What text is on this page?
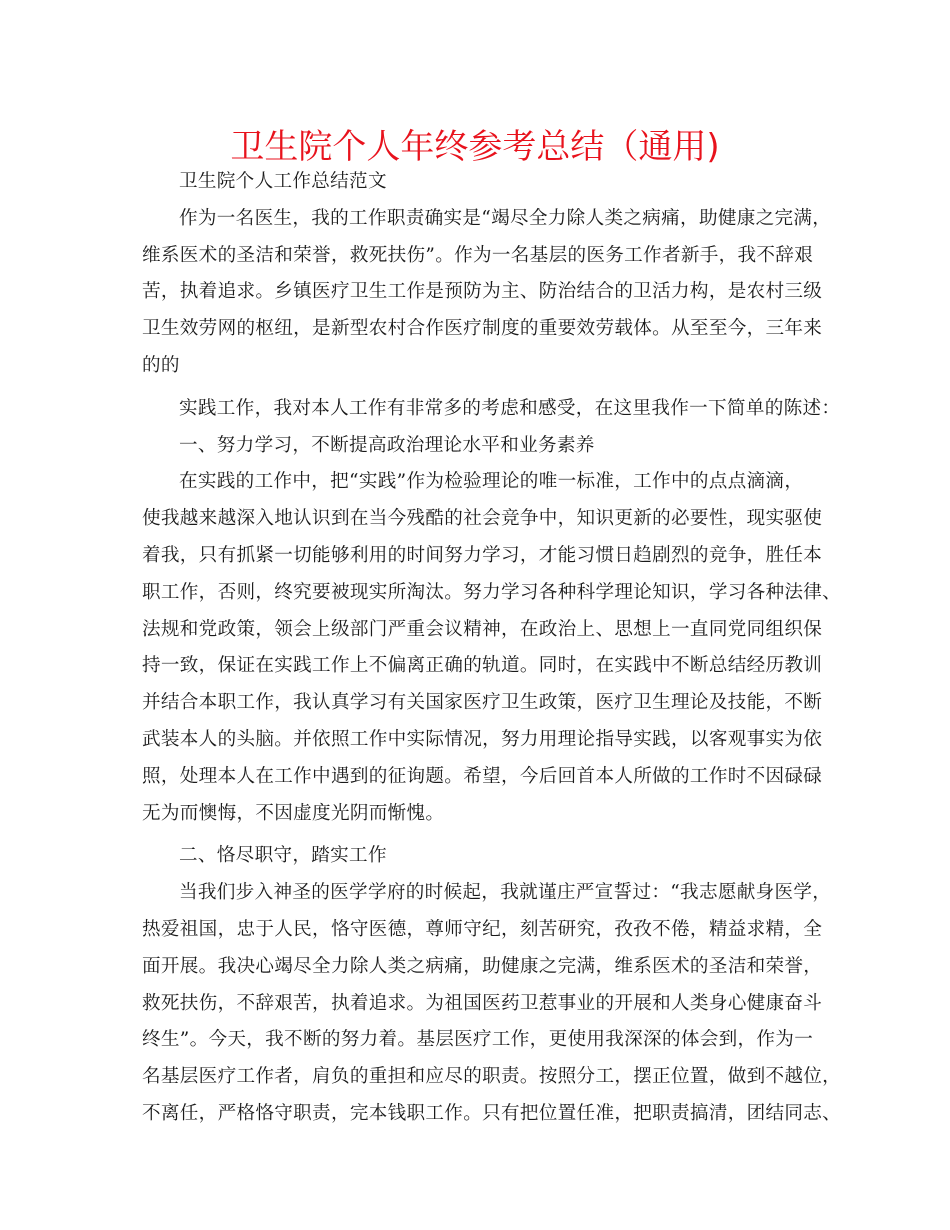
卫生院个人年终参考总结（通用)
卫生院个人工作总结范文
作为一名医生，我的工作职责确实是“竭尽全力除人类之病痛，助健康之完满，
维系医术的圣洁和荣誉，救死扶伤”。作为一名基层的医务工作者新手，我不辞艰
苦，执着追求。乡镇医疗卫生工作是预防为主、防治结合的卫活力构，是农村三级
卫生效劳网的枢纽，是新型农村合作医疗制度的重要效劳载体。从至至今，三年来
的的
实践工作，我对本人工作有非常多的考虑和感受，在这里我作一下简单的陈述：
一、努力学习，不断提高政治理论水平和业务素养
在实践的工作中，把“实践”作为检验理论的唯一标准，工作中的点点滴滴，
使我越来越深入地认识到在当今残酷的社会竞争中，知识更新的必要性，现实驱使
着我，只有抓紧一切能够利用的时间努力学习，才能习惯日趋剧烈的竞争，胜任本
职工作，否则，终究要被现实所淘汰。努力学习各种科学理论知识，学习各种法律、
法规和党政策，领会上级部门严重会议精神，在政治上、思想上一直同党同组织保
持一致，保证在实践工作上不偏离正确的轨道。同时，在实践中不断总结经历教训
并结合本职工作，我认真学习有关国家医疗卫生政策，医疗卫生理论及技能，不断
武装本人的头脑。并依照工作中实际情况，努力用理论指导实践，以客观事实为依
照，处理本人在工作中遇到的征询题。希望，今后回首本人所做的工作时不因碌碌
无为而懊悔，不因虚度光阴而惭愧。
二、恪尽职守，踏实工作
当我们步入神圣的医学学府的时候起，我就谨庄严宣誓过：“我志愿献身医学，
热爱祖国，忠于人民，恪守医德，尊师守纪，刻苦研究，孜孜不倦，精益求精，全
面开展。我决心竭尽全力除人类之病痛，助健康之完满，维系医术的圣洁和荣誉，
救死扶伤，不辞艰苦，执着追求。为祖国医药卫惹事业的开展和人类身心健康奋斗
终生”。今天，我不断的努力着。基层医疗工作，更使用我深深的体会到，作为一
名基层医疗工作者，肩负的重担和应尽的职责。按照分工，摆正位置，做到不越位，
不离任，严格恪守职责，完本钱职工作。只有把位置任准，把职责搞清，团结同志、
